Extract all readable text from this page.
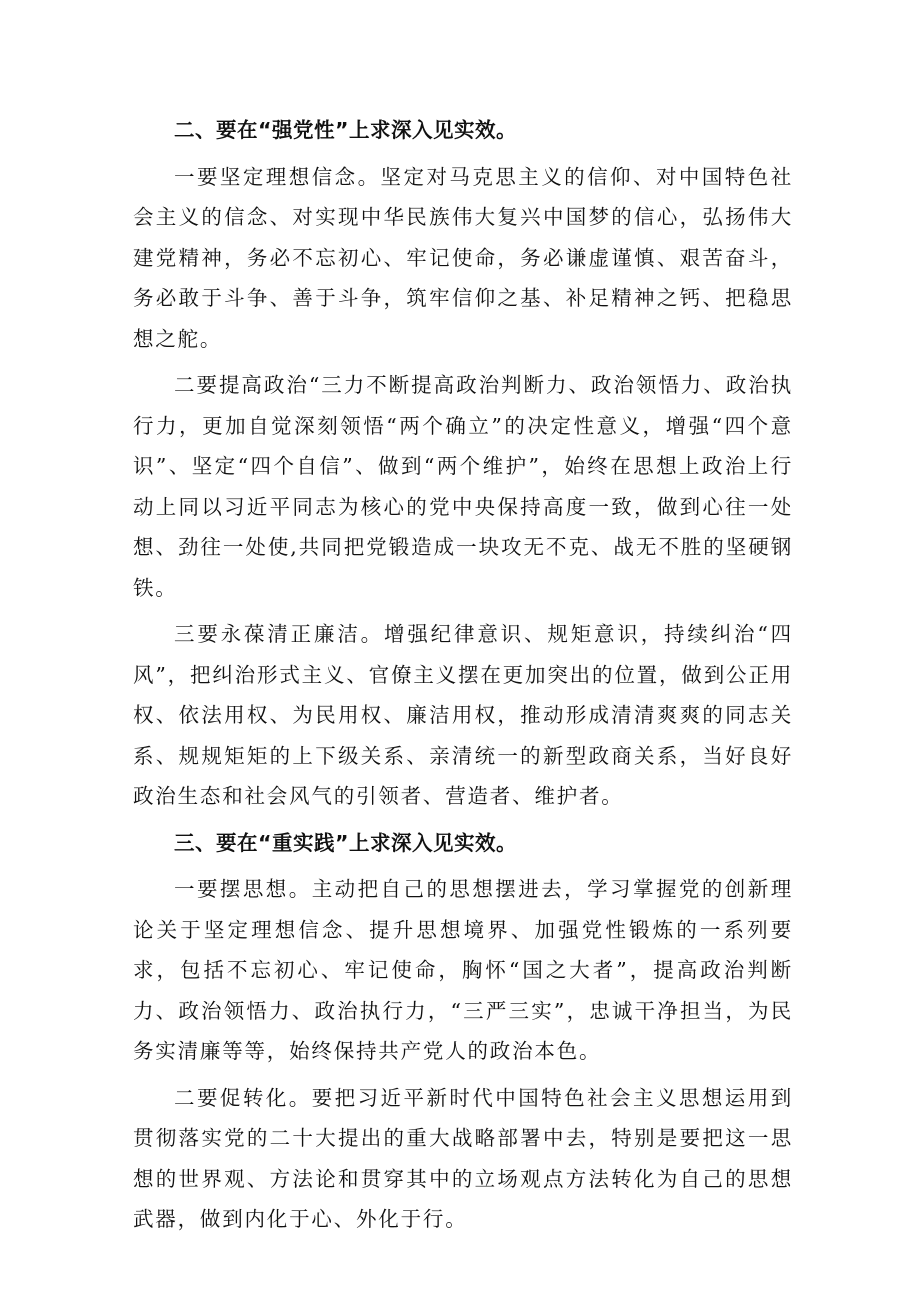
二、要在“强党性”上求深入见实效。

一要坚定理想信念。坚定对马克思主义的信仰、对中国特色社会主义的信念、对实现中华民族伟大复兴中国梦的信心，弘扬伟大建党精神，务必不忘初心、牢记使命，务必谦虚谨慎、艰苦奋斗，务必敢于斗争、善于斗争，筑牢信仰之基、补足精神之钙、把稳思想之舵。

二要提高政治“三力不断提高政治判断力、政治领悟力、政治执行力，更加自觉深刻领悟“两个确立”的决定性意义，增强“四个意识”、坚定“四个自信”、做到“两个维护”，始终在思想上政治上行动上同以习近平同志为核心的党中央保持高度一致，做到心往一处想、劲往一处使,共同把党锻造成一块攻无不克、战无不胜的坚硬钢铁。

三要永葆清正廉洁。增强纪律意识、规矩意识，持续纠治“四风”，把纠治形式主义、官僚主义摆在更加突出的位置，做到公正用权、依法用权、为民用权、廉洁用权，推动形成清清爽爽的同志关系、规规矩矩的上下级关系、亲清统一的新型政商关系，当好良好政治生态和社会风气的引领者、营造者、维护者。

三、要在“重实践”上求深入见实效。

一要摆思想。主动把自己的思想摆进去，学习掌握党的创新理论关于坚定理想信念、提升思想境界、加强党性锻炼的一系列要求，包括不忘初心、牢记使命，胸怀“国之大者”，提高政治判断力、政治领悟力、政治执行力，“三严三实”，忠诚干净担当，为民务实清廉等等，始终保持共产党人的政治本色。

二要促转化。要把习近平新时代中国特色社会主义思想运用到贯彻落实党的二十大提出的重大战略部署中去，特别是要把这一思想的世界观、方法论和贯穿其中的立场观点方法转化为自己的思想武器，做到内化于心、外化于行。
